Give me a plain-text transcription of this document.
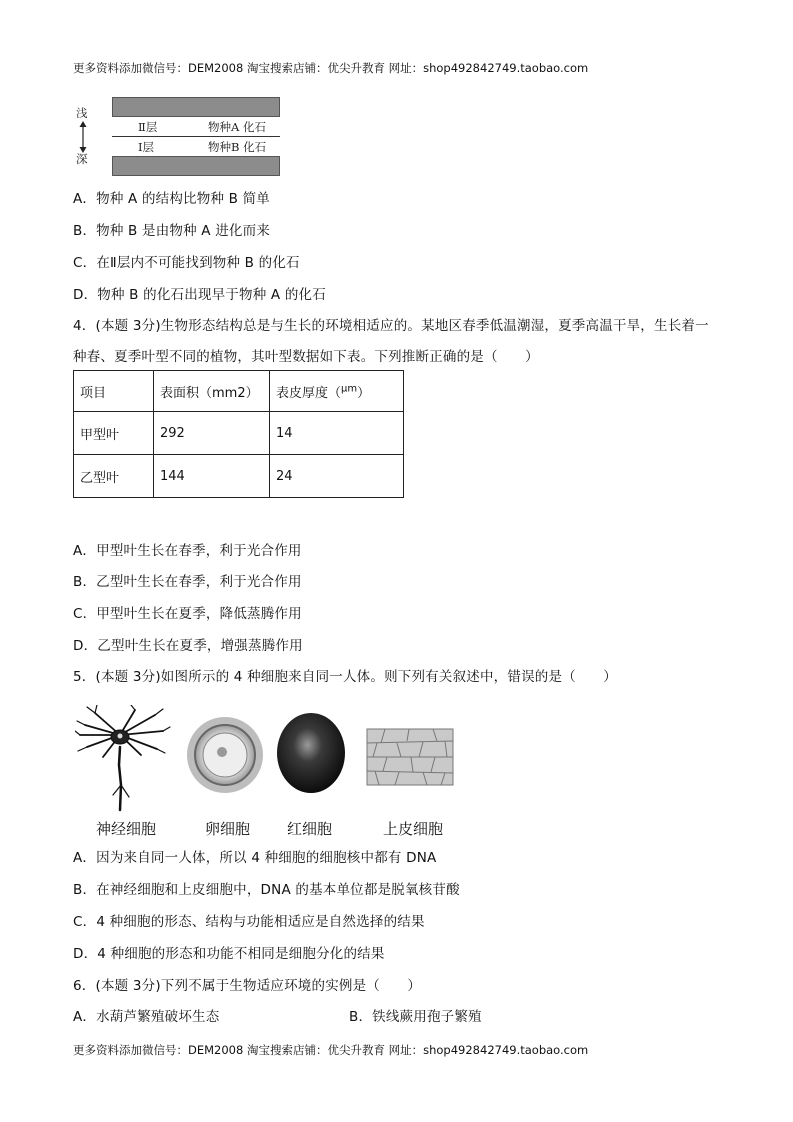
更多资料添加微信号：DEM2008 淘宝搜索店铺：优尖升教育 网址：shop492842749.taobao.com
浅
深
Ⅱ层	物种A 化石
Ⅰ层	物种B 化石
A．物种 A 的结构比物种 B 简单
B．物种 B 是由物种 A 进化而来
C．在Ⅱ层内不可能找到物种 B 的化石
D．物种 B 的化石出现早于物种 A 的化石
4．(本题 3分)生物形态结构总是与生长的环境相适应的。某地区春季低温潮湿，夏季高温干旱，生长着一
种春、夏季叶型不同的植物，其叶型数据如下表。下列推断正确的是（　　）
项目	表面积（mm2）	表皮厚度（$^{\mu m}$）
甲型叶	292	14
乙型叶	144	24
A．甲型叶生长在春季，利于光合作用
B．乙型叶生长在春季，利于光合作用
C．甲型叶生长在夏季，降低蒸腾作用
D．乙型叶生长在夏季，增强蒸腾作用
5．(本题 3分)如图所示的 4 种细胞来自同一人体。则下列有关叙述中，错误的是（　　）
神经细胞	卵细胞 红细胞	上皮细胞
A．因为来自同一人体，所以 4 种细胞的细胞核中都有 DNA
B．在神经细胞和上皮细胞中，DNA 的基本单位都是脱氧核苷酸
C．4 种细胞的形态、结构与功能相适应是自然选择的结果
D．4 种细胞的形态和功能不相同是细胞分化的结果
6．(本题 3分)下列不属于生物适应环境的实例是（　　）
A．水葫芦繁殖破坏生态	B．铁线蕨用孢子繁殖
更多资料添加微信号：DEM2008 淘宝搜索店铺：优尖升教育 网址：shop492842749.taobao.com
